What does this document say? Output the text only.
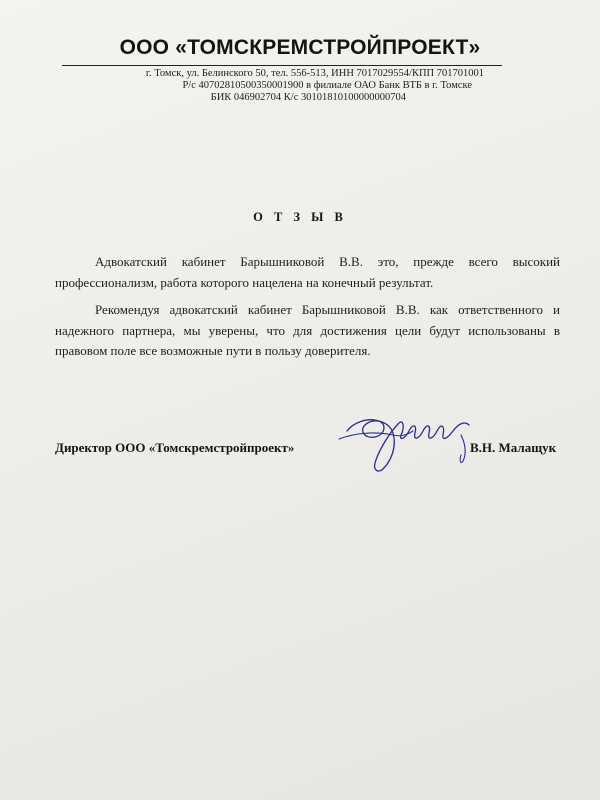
ООО «ТОМСКРЕМСТРОЙПРОЕКТ»
г. Томск, ул. Белинского 50, тел. 556-513, ИНН 7017029554/КПП 701701001
Р/с 40702810500350001900 в филиале ОАО Банк ВТБ в г. Томске
БИК 046902704 К/с 30101810100000000704
О Т З Ы В

Адвокатский кабинет Барышниковой В.В. это, прежде всего высокий профессионализм, работа которого нацелена на конечный результат.

Рекомендуя адвокатский кабинет Барышниковой В.В. как ответственного и надежного партнера, мы уверены, что для достижения цели будут использованы в правовом поле все возможные пути в пользу доверителя.

Директор ООО «Томскремстройпроект»	В.Н. Малащук
